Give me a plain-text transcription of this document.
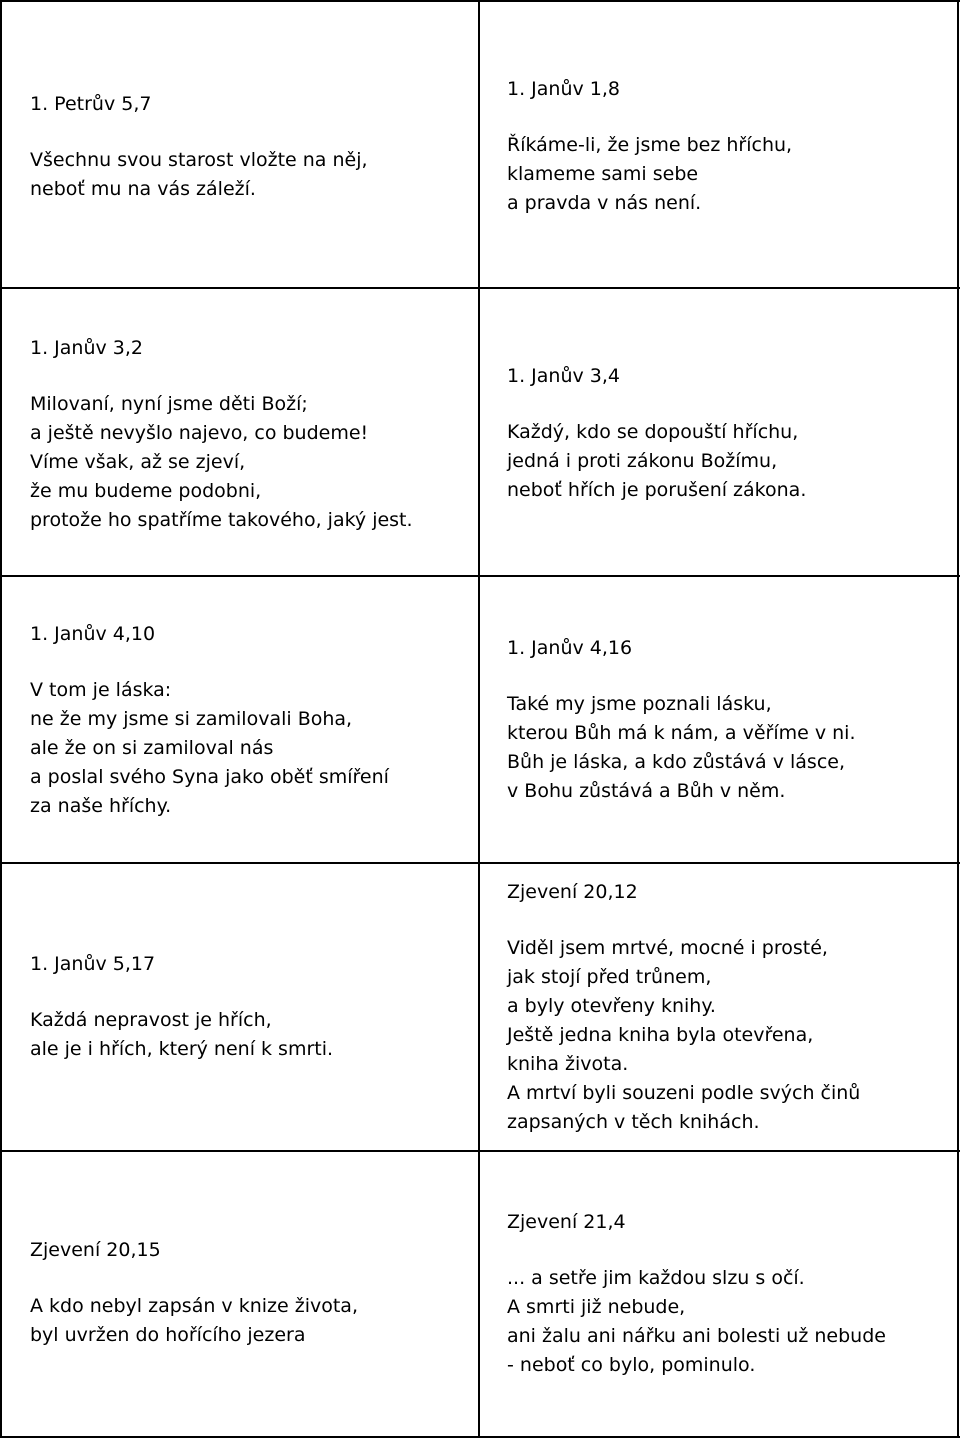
1. Petrův 5,7
Všechnu svou starost vložte na něj,
neboť mu na vás záleží.
1. Janův 1,8
Říkáme-li, že jsme bez hříchu,
klameme sami sebe
a pravda v nás není.
1. Janův 3,2
Milovaní, nyní jsme děti Boží;
a ještě nevyšlo najevo, co budeme!
Víme však, až se zjeví,
že mu budeme podobni,
protože ho spatříme takového, jaký jest.
1. Janův 3,4
Každý, kdo se dopouští hříchu,
jedná i proti zákonu Božímu,
neboť hřích je porušení zákona.
1. Janův 4,10
V tom je láska:
ne že my jsme si zamilovali Boha,
ale že on si zamiloval nás
a poslal svého Syna jako oběť smíření
za naše hříchy.
1. Janův 4,16
Také my jsme poznali lásku,
kterou Bůh má k nám, a věříme v ni.
Bůh je láska, a kdo zůstává v lásce,
v Bohu zůstává a Bůh v něm.
1. Janův 5,17
Každá nepravost je hřích,
ale je i hřích, který není k smrti.
Zjevení 20,12
Viděl jsem mrtvé, mocné i prosté,
jak stojí před trůnem,
a byly otevřeny knihy.
Ještě jedna kniha byla otevřena,
kniha života.
A mrtví byli souzeni podle svých činů
zapsaných v těch knihách.
Zjevení 20,15
A kdo nebyl zapsán v knize života,
byl uvržen do hořícího jezera
Zjevení 21,4
... a setře jim každou slzu s očí.
A smrti již nebude,
ani žalu ani nářku ani bolesti už nebude
- neboť co bylo, pominulo.
